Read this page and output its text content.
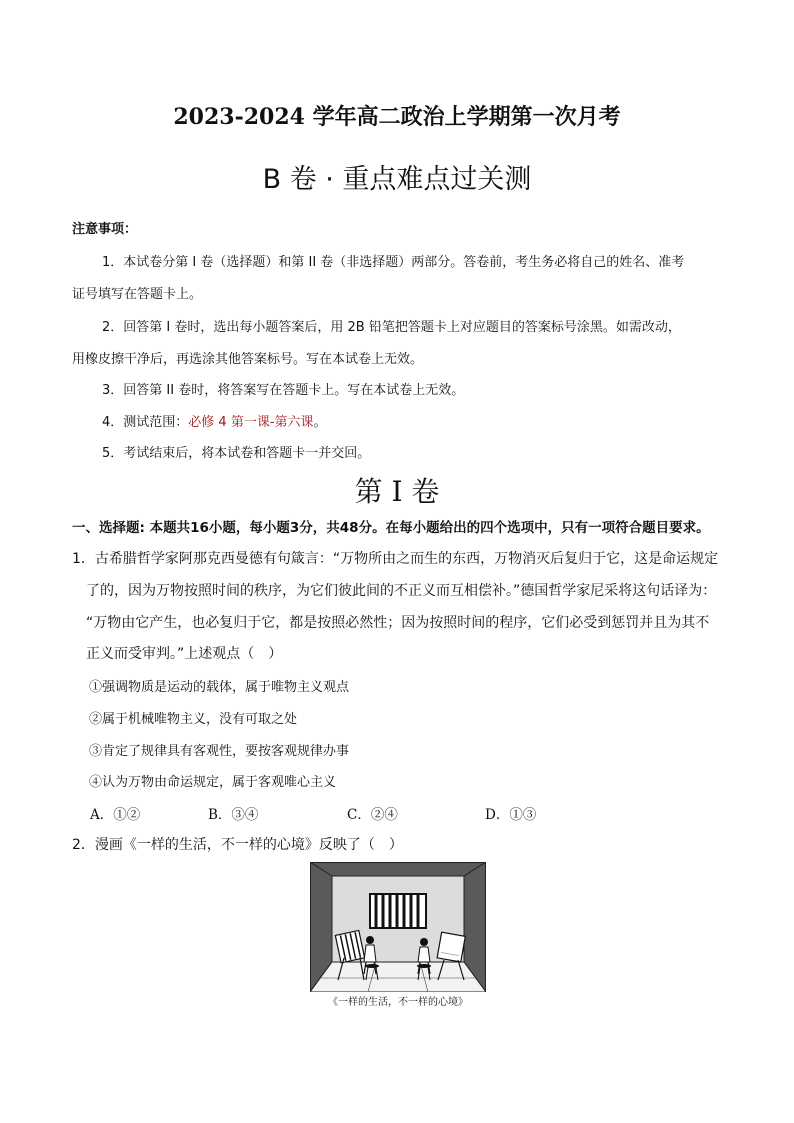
2023-2024 学年高二政治上学期第一次月考
B 卷 · 重点难点过关测
注意事项：
1．本试卷分第 I 卷（选择题）和第 II 卷（非选择题）两部分。答卷前，考生务必将自己的姓名、准考
证号填写在答题卡上。
2．回答第 I 卷时，选出每小题答案后，用 2B 铅笔把答题卡上对应题目的答案标号涂黑。如需改动，
用橡皮擦干净后，再选涂其他答案标号。写在本试卷上无效。
3．回答第 II 卷时，将答案写在答题卡上。写在本试卷上无效。
4．测试范围：必修 4 第一课-第六课。
5．考试结束后，将本试卷和答题卡一并交回。
第 I 卷
一、选择题: 本题共16小题，每小题3分，共48分。在每小题给出的四个选项中，只有一项符合题目要求。
1．古希腊哲学家阿那克西曼德有句箴言：“万物所由之而生的东西，万物消灭后复归于它，这是命运规定
了的，因为万物按照时间的秩序，为它们彼此间的不正义而互相偿补。”德国哲学家尼采将这句话译为：
“万物由它产生，也必复归于它，都是按照必然性；因为按照时间的程序，它们必受到惩罚并且为其不
正义而受审判。”上述观点（　）
①强调物质是运动的载体，属于唯物主义观点
②属于机械唯物主义，没有可取之处
③肯定了规律具有客观性，要按客观规律办事
④认为万物由命运规定，属于客观唯心主义
A．①②	B．③④	C．②④	D．①③
2．漫画《一样的生活，不一样的心境》反映了（　）
《一样的生活，不一样的心境》
